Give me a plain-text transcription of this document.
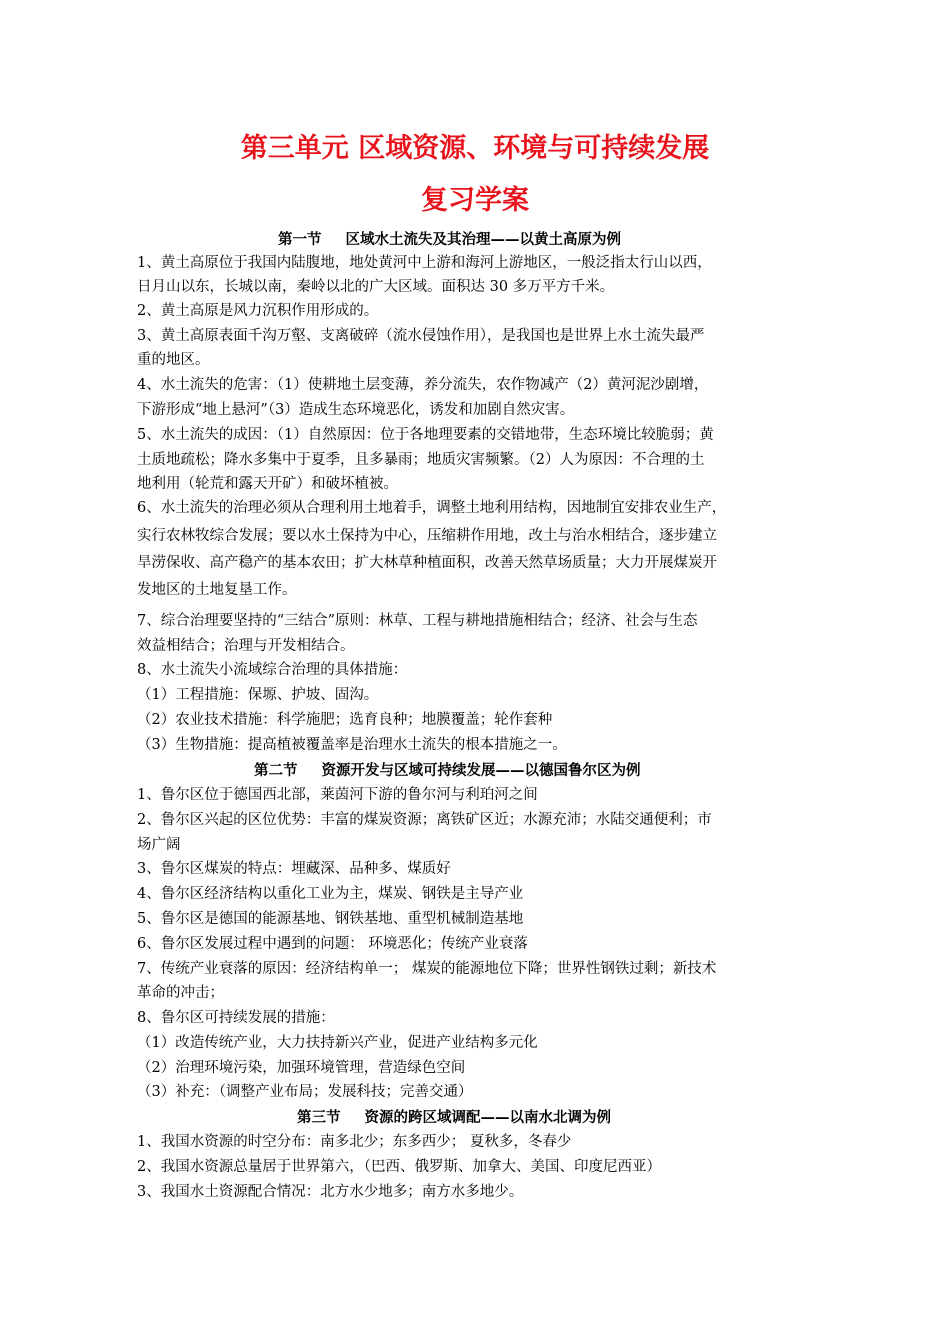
第三单元 区域资源、环境与可持续发展
复习学案
第一节 区域水土流失及其治理——以黄土高原为例
1、黄土高原位于我国内陆腹地，地处黄河中上游和海河上游地区，一般泛指太行山以西，
日月山以东，长城以南，秦岭以北的广大区域。面积达 30 多万平方千米。
2、黄土高原是风力沉积作用形成的。
3、黄土高原表面千沟万壑、支离破碎（流水侵蚀作用），是我国也是世界上水土流失最严
重的地区。
4、水土流失的危害：（1）使耕地土层变薄，养分流失，农作物减产（2）黄河泥沙剧增，
下游形成“地上悬河”（3）造成生态环境恶化，诱发和加剧自然灾害。
5、水土流失的成因：（1）自然原因：位于各地理要素的交错地带，生态环境比较脆弱；黄
土质地疏松；降水多集中于夏季，且多暴雨；地质灾害频繁。（2）人为原因：不合理的土
地利用（轮荒和露天开矿）和破坏植被。
6、水土流失的治理必须从合理利用土地着手，调整土地利用结构，因地制宜安排农业生产，
实行农林牧综合发展；要以水土保持为中心，压缩耕作用地，改土与治水相结合，逐步建立
旱涝保收、高产稳产的基本农田；扩大林草种植面积，改善天然草场质量；大力开展煤炭开
发地区的土地复垦工作。
7、综合治理要坚持的“三结合”原则：林草、工程与耕地措施相结合；经济、社会与生态
效益相结合；治理与开发相结合。
8、水土流失小流域综合治理的具体措施：
（1）工程措施：保塬、护坡、固沟。
（2）农业技术措施：科学施肥；选育良种；地膜覆盖；轮作套种
（3）生物措施：提高植被覆盖率是治理水土流失的根本措施之一。
第二节 资源开发与区域可持续发展——以德国鲁尔区为例
1、鲁尔区位于德国西北部，莱茵河下游的鲁尔河与利珀河之间
2、鲁尔区兴起的区位优势：丰富的煤炭资源；离铁矿区近；水源充沛；水陆交通便利；市
场广阔
3、鲁尔区煤炭的特点：埋藏深、品种多、煤质好
4、鲁尔区经济结构以重化工业为主，煤炭、钢铁是主导产业
5、鲁尔区是德国的能源基地、钢铁基地、重型机械制造基地
6、鲁尔区发展过程中遇到的问题： 环境恶化；传统产业衰落
7、传统产业衰落的原因：经济结构单一； 煤炭的能源地位下降；世界性钢铁过剩；新技术
革命的冲击；
8、鲁尔区可持续发展的措施：
（1）改造传统产业，大力扶持新兴产业，促进产业结构多元化
（2）治理环境污染，加强环境管理，营造绿色空间
（3）补充：（调整产业布局；发展科技；完善交通）
第三节 资源的跨区域调配——以南水北调为例
1、我国水资源的时空分布：南多北少；东多西少； 夏秋多，冬春少
2、我国水资源总量居于世界第六，（巴西、俄罗斯、加拿大、美国、印度尼西亚）
3、我国水土资源配合情况：北方水少地多；南方水多地少。
